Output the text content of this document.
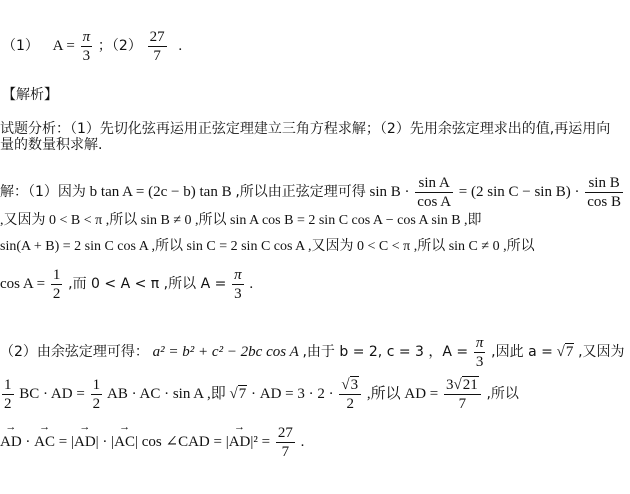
（1） $A = \frac{\pi}{3}$ ；$(2) \frac{27}{7}$ .
【解析】
试题分析：（1）先切化弦再运用正弦定理建立三角方程求解；（2）先用余弦定理求出的值,再运用向
量的数量积求解.
解：（1）因为 b tan A = (2c − b) tan B ,所以由正弦定理可得 $\sin B \cdot \frac{\text{sin A}}{\text{cos A}} = (2$ $\sin C - \sin B) \cdot \frac{\text{sin B}}{\text{cos B}}$
,又因为 0 < B < π ,所以 sin B ≠ 0 ,所以 sin A cos B = 2 sin C cos A − cos A sin B ,即
sin(A + B) = 2 sin C cos A ,所以 sin C = 2 sin C cos A ,又因为 0 < C < π ,所以 sin C ≠ 0 ,所以
$\cos A = \frac{1}{2}$ ,而 0 < A < π ,所以 $A = \frac{\pi}{3}$ .
（2）由余弦定理可得： a² = b² + c² − 2bc cos A ,由于 b = 2, c = 3 ，$A = \frac{\pi}{3}$ ,因此 a = √7 ,又因为
$\frac{1}{2}$ BC · AD = $\frac{1}{2}$ AB · AC · sin A ,即 √7 · AD = $3 \cdot 2 \cdot \frac{√3}{2}$ ,所以 AD = $\frac{3√21}{7}$ ,所以
→ AD · → AC = |→ AD| · |→ AC| cos ∠CAD = |→ $AD|^2 = \frac{27}{7}$ .
